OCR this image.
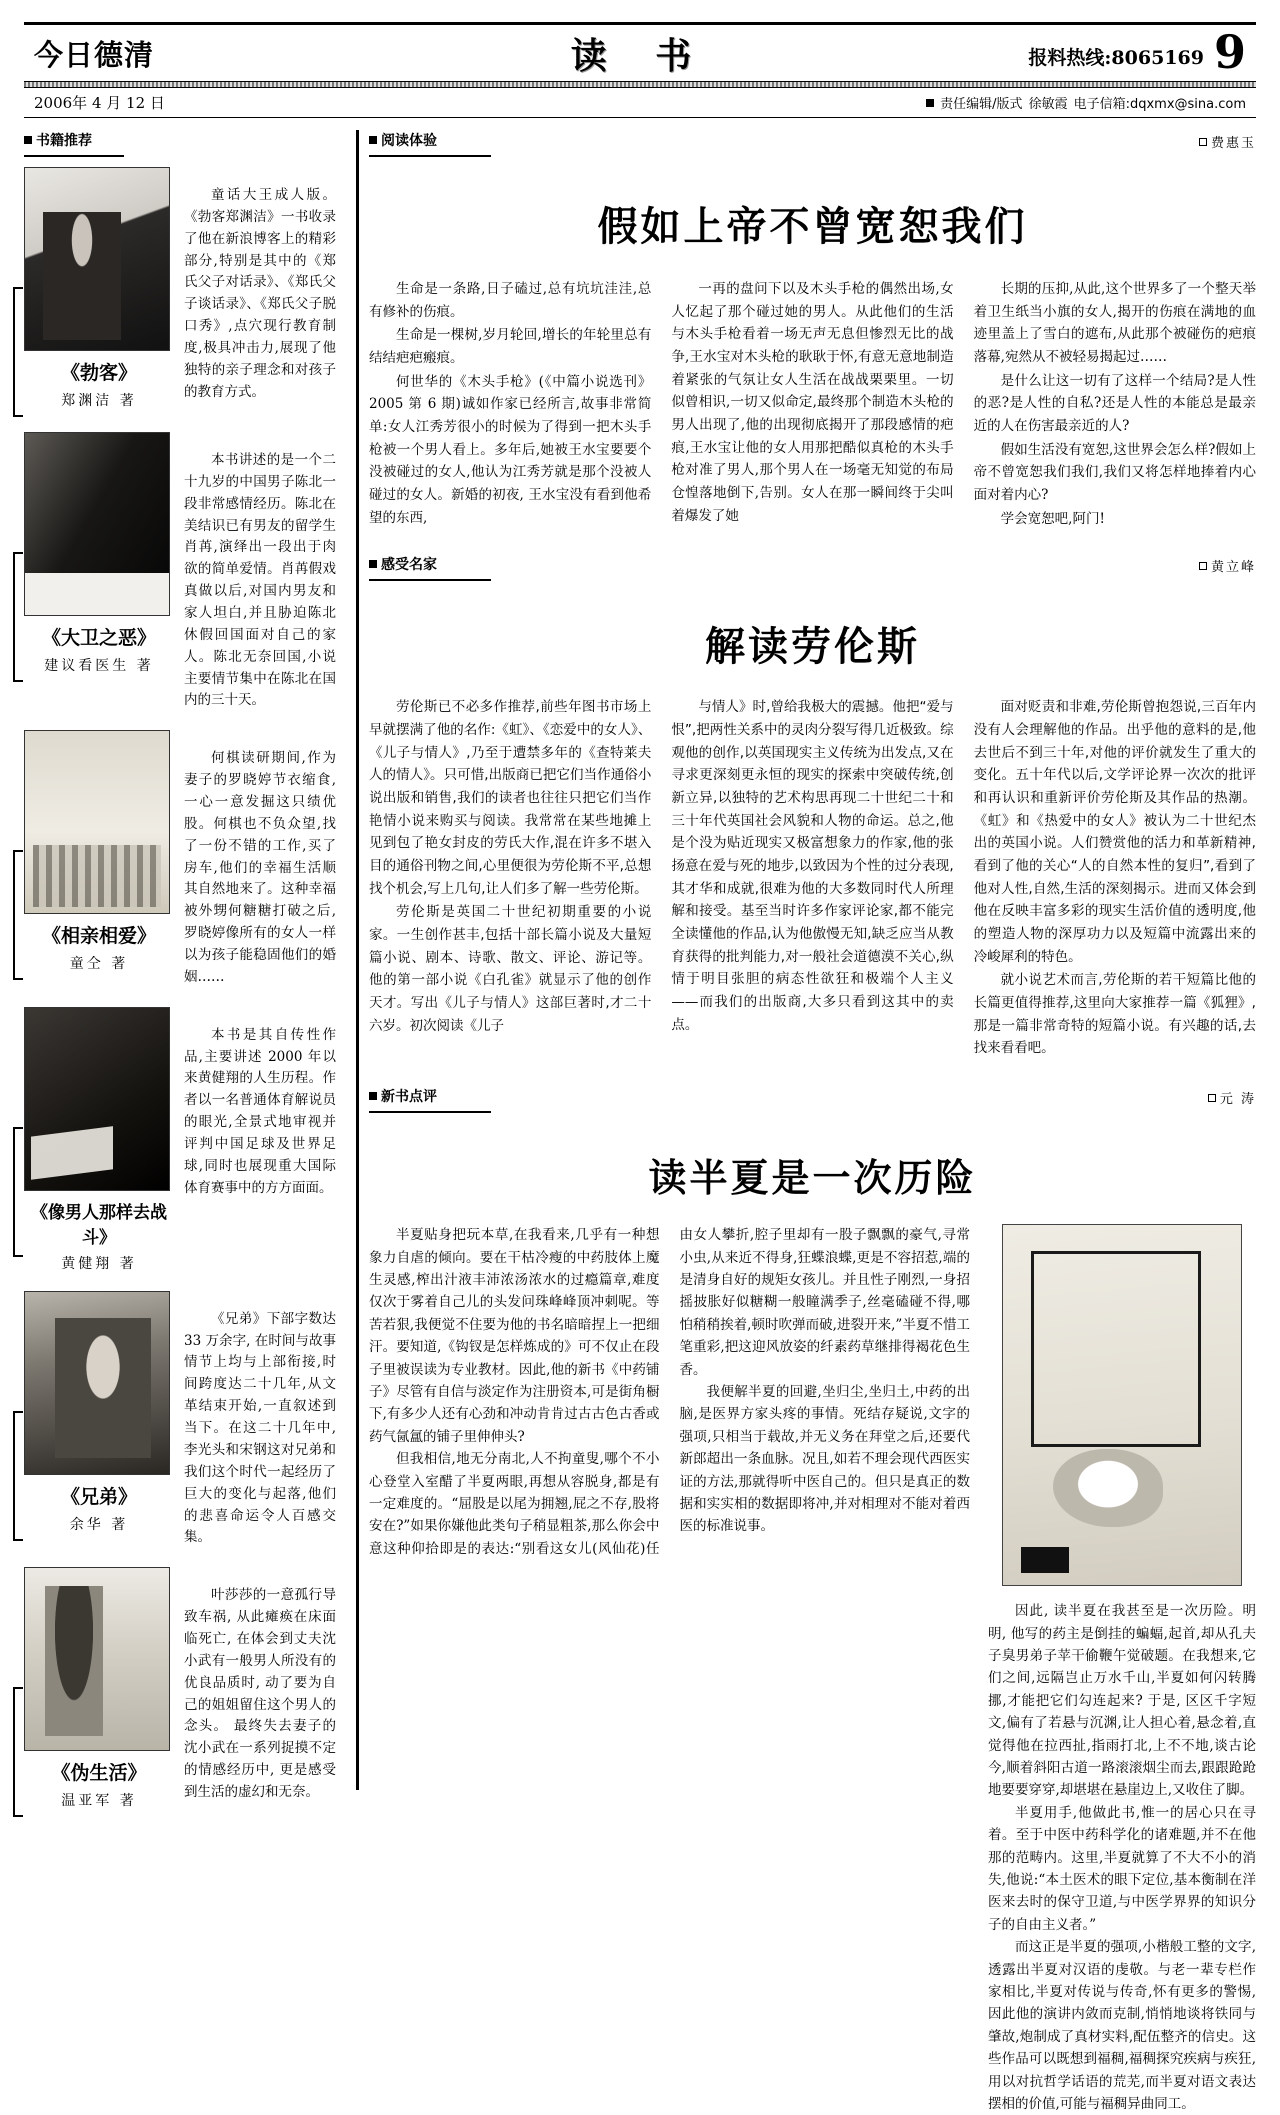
今日德清	读 书	报料热线:8065169 9
2006年 4 月 12 日	责任编辑/版式 徐敏霞 电子信箱:dqxmx@sina.com
书籍推荐
《勃客》
郑渊洁 著

童话大王成人版。《勃客郑渊洁》一书收录了他在新浪博客上的精彩部分,特别是其中的《郑氏父子对话录》、《郑氏父子谈话录》、《郑氏父子脱口秀》,点穴现行教育制度,极具冲击力,展现了他独特的亲子理念和对孩子的教育方式。

《大卫之恶》
建议看医生 著

本书讲述的是一个二十九岁的中国男子陈北一段非常感情经历。陈北在美结识已有男友的留学生肖苒,演绎出一段出于肉欲的简单爱情。肖苒假戏真做以后,对国内男友和家人坦白,并且胁迫陈北休假回国面对自己的家人。陈北无奈回国,小说主要情节集中在陈北在国内的三十天。

《相亲相爱》
童仝 著

何棋读研期间,作为妻子的罗晓婷节衣缩食,一心一意发掘这只绩优股。何棋也不负众望,找了一份不错的工作,买了房车,他们的幸福生活顺其自然地来了。这种幸福被外甥何糖糖打破之后,罗晓婷像所有的女人一样以为孩子能稳固他们的婚姻……

《像男人那样去战斗》
黄健翔 著

本书是其自传性作品,主要讲述 2000 年以来黄健翔的人生历程。作者以一名普通体育解说员的眼光,全景式地审视并评判中国足球及世界足球,同时也展现重大国际体育赛事中的方方面面。

《兄弟》
余华 著

《兄弟》下部字数达 33 万余字, 在时间与故事情节上均与上部衔接,时间跨度达二十几年,从文革结束开始,一直叙述到当下。在这二十几年中,李光头和宋钢这对兄弟和我们这个时代一起经历了巨大的变化与起落,他们的悲喜命运令人百感交集。

《伪生活》
温亚军 著

叶莎莎的一意孤行导致车祸, 从此瘫痪在床面临死亡, 在体会到丈夫沈小武有一般男人所没有的优良品质时, 动了要为自己的姐姐留住这个男人的念头。 最终失去妻子的沈小武在一系列捉摸不定的情感经历中, 更是感受到生活的虚幻和无奈。

阅读体验	费惠玉
假如上帝不曾宽恕我们

生命是一条路,日子磕过,总有坑坑洼洼,总有修补的伤痕。

生命是一棵树,岁月轮回,增长的年轮里总有结结疤疤瘢痕。

何世华的《木头手枪》(《中篇小说选刊》2005 第 6 期)诚如作家已经所言,故事非常简单:女人江秀芳很小的时候为了得到一把木头手枪被一个男人看上。多年后,她被王水宝要要个没被碰过的女人,他认为江秀芳就是那个没被人碰过的女人。新婚的初夜, 王水宝没有看到他希望的东西,

一再的盘问下以及木头手枪的偶然出场,女人忆起了那个碰过她的男人。从此他们的生活与木头手枪看着一场无声无息但惨烈无比的战争,王水宝对木头枪的耿耿于怀,有意无意地制造着紧张的气氛让女人生活在战战栗栗里。一切似曾相识,一切又似命定,最终那个制造木头枪的男人出现了,他的出现彻底揭开了那段感情的疤痕,王水宝让他的女人用那把酷似真枪的木头手枪对准了男人,那个男人在一场毫无知觉的布局仓惶落地倒下,告别。女人在那一瞬间终于尖叫着爆发了她

长期的压抑,从此,这个世界多了一个整天举着卫生纸当小旗的女人,揭开的伤痕在满地的血迹里盖上了雪白的遮布,从此那个被碰伤的疤痕落幕,宛然从不被轻易揭起过……

是什么让这一切有了这样一个结局?是人性的恶?是人性的自私?还是人性的本能总是最亲近的人在伤害最亲近的人?

假如生活没有宽恕,这世界会怎么样?假如上帝不曾宽恕我们我们,我们又将怎样地捧着内心面对着内心?

学会宽恕吧,阿门!

感受名家	黄立峰
解读劳伦斯

劳伦斯已不必多作推荐,前些年图书市场上早就摆满了他的名作:《虹》、《恋爱中的女人》、《儿子与情人》,乃至于遭禁多年的《查特莱夫人的情人》。只可惜,出版商已把它们当作通俗小说出版和销售,我们的读者也往往只把它们当作艳情小说来购买与阅读。我常常在某些地摊上见到包了艳女封皮的劳氏大作,混在许多不堪入目的通俗刊物之间,心里便很为劳伦斯不平,总想找个机会,写上几句,让人们多了解一些劳伦斯。

劳伦斯是英国二十世纪初期重要的小说家。一生创作甚丰,包括十部长篇小说及大量短篇小说、剧本、诗歌、散文、评论、游记等。他的第一部小说《白孔雀》就显示了他的创作天才。写出《儿子与情人》这部巨著时,才二十六岁。初次阅读《儿子

与情人》时,曾给我极大的震撼。他把“爱与恨”,把两性关系中的灵肉分裂写得几近极致。综观他的创作,以英国现实主义传统为出发点,又在寻求更深刻更永恒的现实的探索中突破传统,创新立异,以独特的艺术构思再现二十世纪二十和三十年代英国社会风貌和人物的命运。总之,他是个没为贴近现实又极富想象力的作家,他的张扬意在爱与死的地步,以致因为个性的过分表现,其才华和成就,很难为他的大多数同时代人所理解和接受。基至当时许多作家评论家,都不能完全读懂他的作品,认为他傲慢无知,缺乏应当从教育获得的批判能力,对一般社会道德漠不关心,纵情于明目张胆的病态性欲狂和极端个人主义——而我们的出版商,大多只看到这其中的卖点。

面对贬责和非难,劳伦斯曾抱怨说,三百年内没有人会理解他的作品。出乎他的意料的是,他去世后不到三十年,对他的评价就发生了重大的变化。五十年代以后,文学评论界一次次的批评和再认识和重新评价劳伦斯及其作品的热潮。《虹》和《热爱中的女人》被认为二十世纪杰出的英国小说。人们赞赏他的活力和革新精神,看到了他的关心“人的自然本性的复归”,看到了他对人性,自然,生活的深刻揭示。进而又体会到他在反映丰富多彩的现实生活价值的透明度,他的塑造人物的深厚功力以及短篇中流露出来的冷峻犀利的特色。

就小说艺术而言,劳伦斯的若干短篇比他的长篇更值得推荐,这里向大家推荐一篇《狐狸》,那是一篇非常奇特的短篇小说。有兴趣的话,去找来看看吧。

新书点评	元 涛
读半夏是一次历险

半夏贴身把玩本草,在我看来,几乎有一种想象力自虐的倾向。要在干枯冷瘦的中药肢体上魔生灵感,榨出汁液丰沛浓汤浓水的过瘾篇章,难度仅次于雾着自己儿的头发问珠峰峰顶冲刺呢。等苦若狠,我便觉不住要为他的书名暗暗捏上一把细汗。要知道,《钩钗是怎样炼成的》可不仅止在段子里被误读为专业教材。因此,他的新书《中药铺子》尽管有自信与淡定作为注册资本,可是街角橱下,有多少人还有心劲和冲动肯肯过古古色古香或药气氤氲的铺子里伸伸头?

但我相信,地无分南北,人不拘童叟,哪个不小心登堂入室醋了半夏两眼,再想从容脱身,都是有一定难度的。“屈股是以尾为拥翘,屁之不存,股将安在?”如果你嫌他此类句子稍显粗茶,那么你会中意这种仰拾即是的表达:“别看这女儿(风仙花)任由女人攀折,腔子里却有一股子飘飘的豪气,寻常小虫,从来近不得身,狂蝶浪蝶,更是不容招惹,端的是清身自好的规矩女孩儿。并且性子刚烈,一身招摇披胀好似糖糊一般瞳满季子,丝毫磕碰不得,哪怕稍稍挨着,顿时吹弹而破,进裂开来,”半夏不惜工笔重彩,把这迎风放姿的纤素药草继排得褐花色生香。

我便解半夏的回避,坐归尘,坐归土,中药的出脑,是医界方家头疼的事情。死结存疑说,文字的强项,只相当于载故,并无义务在拜堂之后,还要代新郎超出一条血脉。况且,如若不理会现代西医实证的方法,那就得听中医自己的。但只是真正的数据和实实相的数据即将冲,并对相理对不能对着西医的标准说事。

因此, 读半夏在我甚至是一次历险。明明, 他写的药主是倒挂的蝙蝠,起首,却从孔夫子臭男弟子苹干偷鞭午觉破题。在我想来,它们之间,远隔岂止万水千山,半夏如何闪转腾挪,才能把它们勾连起来? 于是, 区区千字短文,偏有了若悬与沉渊,让人担心着,悬念着,直觉得他在拉西扯,指雨打北,上不不地,谈古论今,顺着斜阳古道一路滚滚烟尘而去,跟跟跄跄地要要穿穿,却堪堪在悬崖边上,又收住了脚。

半夏用手,他做此书,惟一的居心只在寻着。至于中医中药科学化的诸难题,并不在他那的范畴内。这里,半夏就算了不大不小的消失,他说:“本土医术的眼下定位,基本衡制在洋医来去时的保守卫道,与中医学界界的知识分子的自由主义者。”

而这正是半夏的强项,小楷般工整的文字,透露出半夏对汉语的虔敬。与老一辈专栏作家相比,半夏对传说与传奇,怀有更多的警惕,因此他的演讲内敛而克制,悄悄地谈将铁同与肇故,炮制成了真材实料,配伍整齐的信史。这些作品可以既想到福稠,福稠探究疾病与疾狂,用以对抗哲学话语的荒芜,而半夏对语文表达摆相的价值,可能与福稠异曲同工。
